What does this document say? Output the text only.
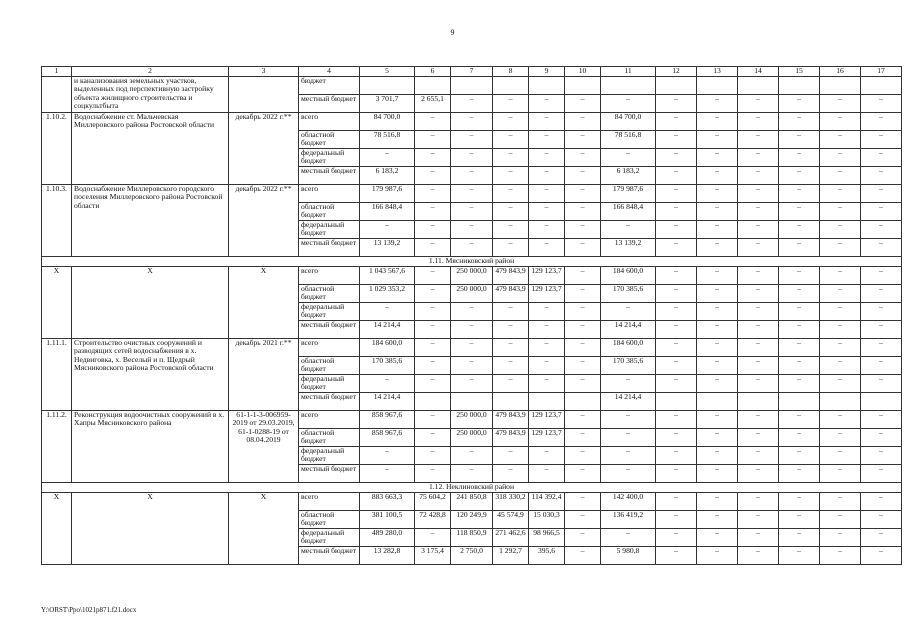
9
1	2	3	4	5	6	7	8	9	10	11	12	13	14	15	16	17
	и канализования земельных участков, выделенных под перспективную застройку объекта жилищного строительства и соцкультбыта		бюджет													
			местный бюджет	3 701,7	2 655,1	–	–	–	–	–	–	–	–	–	–	–
1.10.2.	Водоснабжение ст. Мальчевская Миллеровского района Ростовской области	декабрь 2022 г.**	всего	84 700,0	–	–	–	–	–	84 700,0	–	–	–	–	–	–
			областной бюджет	78 516,8	–	–	–	–	–	78 516,8	–	–	–	–	–	–
			федеральный бюджет	–	–	–	–	–	–	–	–	–	–	–	–	–
			местный бюджет	6 183,2	–	–	–	–	–	6 183,2	–	–	–	–	–	–
1.10.3.	Водоснабжение Миллеровского городского поселения Миллеровского района Ростовской области	декабрь 2022 г.**	всего	179 987,6	–	–	–	–	–	179 987,6	–	–	–	–	–	–
			областной бюджет	166 848,4	–	–	–	–	–	166 848,4	–	–	–	–	–	–
			федеральный бюджет	–	–	–	–	–	–	–	–	–	–	–	–	–
			местный бюджет	13 139,2	–	–	–	–	–	13 139,2	–	–	–	–	–	–
1.11. Мясниковский район																
X	X	X	всего	1 043 567,6	–	250 000,0	479 843,9	129 123,7	–	184 600,0	–	–	–	–	–	–
			областной бюджет	1 029 353,2	–	250 000,0	479 843,9	129 123,7	–	170 385,6	–	–	–	–	–	–
			федеральный бюджет	–	–	–	–	–	–	–	–	–	–	–	–	–
			местный бюджет	14 214,4	–	–	–	–	–	14 214,4	–	–	–	–	–	–
1.11.1.	Строительство очистных сооружений и разводящих сетей водоснабжения в х. Недвиговка, х. Веселый и п. Щедрый Мясниковского района Ростовской области	декабрь 2021 г.**	всего	184 600,0	–	–	–	–	–	184 600,0	–	–	–	–	–	–
			областной бюджет	170 385,6	–	–	–	–	–	170 385,6	–	–	–	–	–	–
			федеральный бюджет	–	–	–	–	–	–	–	–	–	–	–	–	–
			местный бюджет	14 214,4						14 214,4						
1.11.2.	Реконструкция водоочистных сооружений в х. Хапры Мясниковского района	61-1-1-3-006959-2019 от 29.03.2019, 61-1-0288-19 от 08.04.2019	всего	858 967,6	–	250 000,0	479 843,9	129 123,7	–	–	–	–	–	–	–	–
			областной бюджет	858 967,6	–	250 000,0	479 843,9	129 123,7	–	–	–	–	–	–	–	–
			федеральный бюджет	–	–	–	–	–	–	–	–	–	–	–	–	–
			местный бюджет	–	–	–	–	–	–	–	–	–	–	–	–	–
1.12. Неклиновский район																
X	X	X	всего	883 663,3	75 604,2	241 850,8	318 330,2	114 392,4	–	142 400,0	–	–	–	–	–	–
			областной бюджет	381 100,5	72 428,8	120 249,9	45 574,9	15 030,3	–	136 419,2	–	–	–	–	–	–
			федеральный бюджет	489 280,0	–	118 850,9	271 462,6	98 966,5	–	–	–	–	–	–	–	–
			местный бюджет	13 282,8	3 175,4	2 750,0	1 292,7	395,6	–	5 980,8	–	–	–	–	–	–
Y:\ORST\Ppo\1021p871.f21.docx
